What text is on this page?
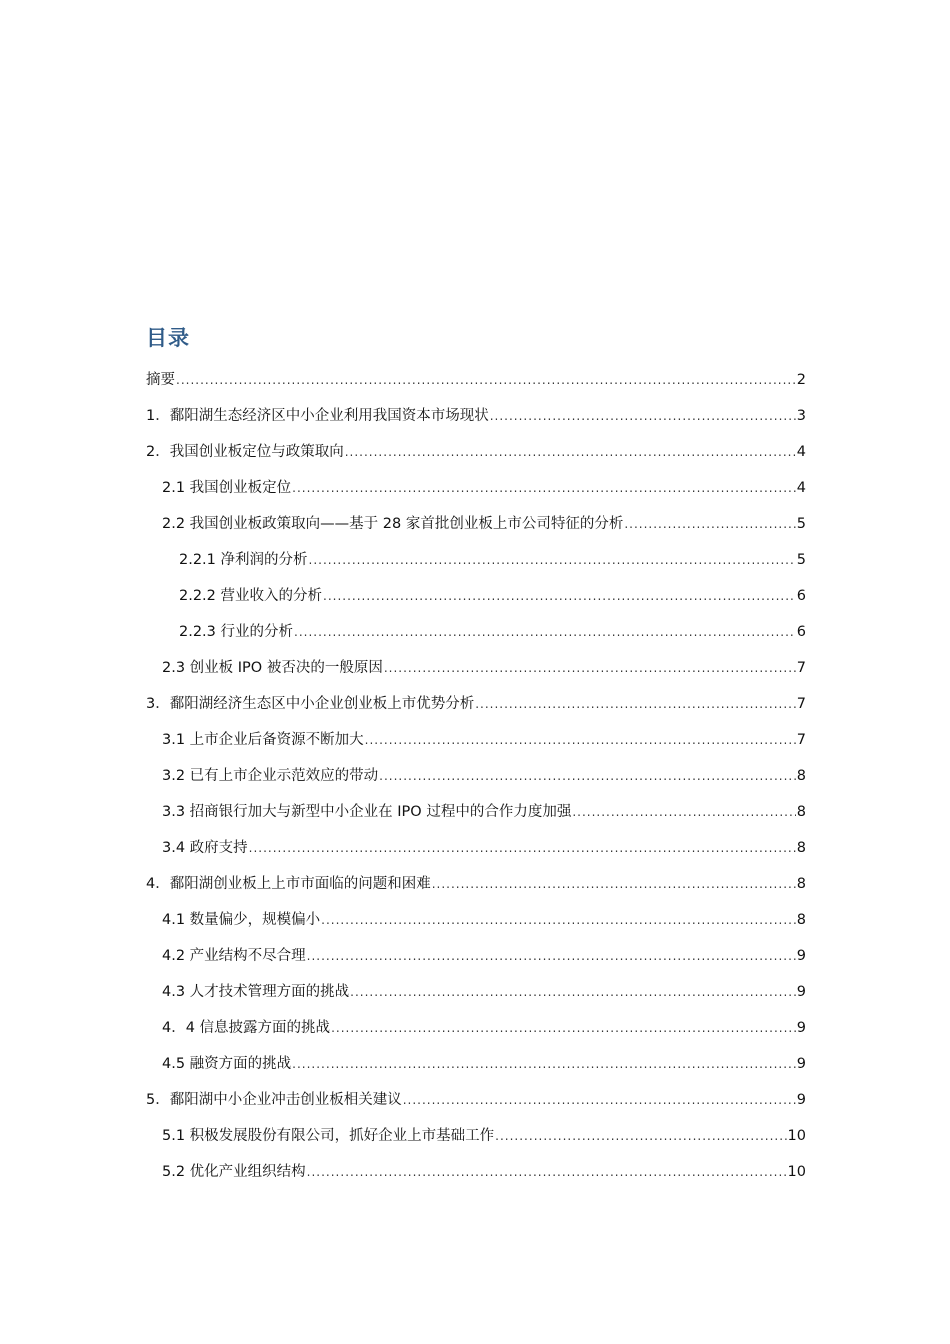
目录
摘要 .....	2
1．鄱阳湖生态经济区中小企业利用我国资本市场现状 .....	3
2．我国创业板定位与政策取向 .....	4
2.1 我国创业板定位 .....	4
2.2 我国创业板政策取向——基于 28 家首批创业板上市公司特征的分析 .....	5
2.2.1 净利润的分析 .....	5
2.2.2 营业收入的分析 .....	6
2.2.3 行业的分析 .....	6
2.3 创业板 IPO 被否决的一般原因 .....	7
3．鄱阳湖经济生态区中小企业创业板上市优势分析 .....	7
3.1 上市企业后备资源不断加大 .....	7
3.2 已有上市企业示范效应的带动 .....	8
3.3 招商银行加大与新型中小企业在 IPO 过程中的合作力度加强 .....	8
3.4 政府支持 .....	8
4．鄱阳湖创业板上上市市面临的问题和困难 .....	8
4.1 数量偏少，规模偏小 .....	8
4.2 产业结构不尽合理 .....	9
4.3 人才技术管理方面的挑战 .....	9
4．4 信息披露方面的挑战 .....	9
4.5 融资方面的挑战 .....	9
5．鄱阳湖中小企业冲击创业板相关建议 .....	9
5.1 积极发展股份有限公司，抓好企业上市基础工作 .....	10
5.2 优化产业组织结构 .....	10
